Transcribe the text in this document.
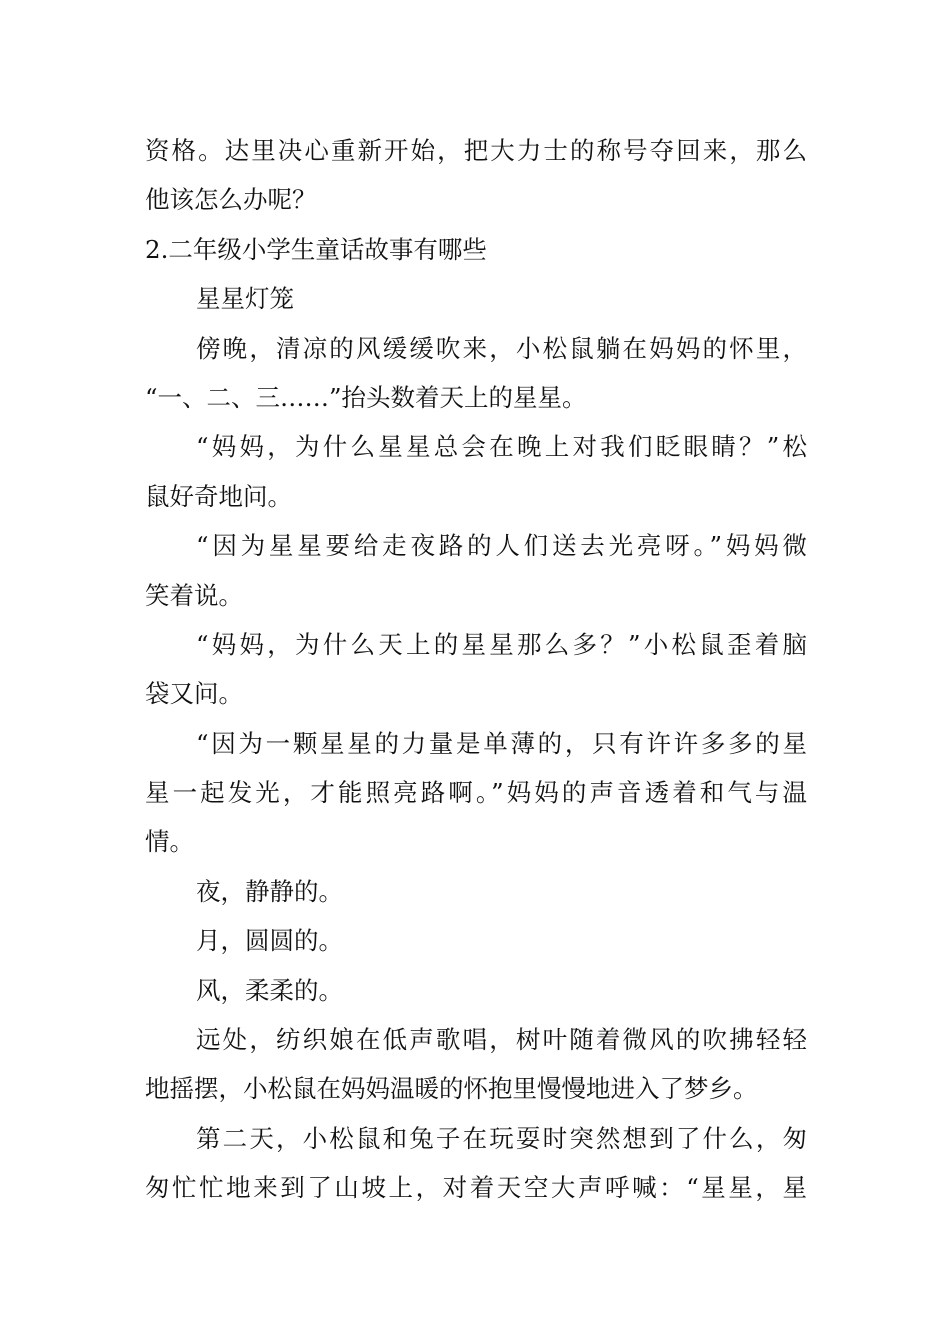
资格。达里决心重新开始，把大力士的称号夺回来，那么
他该怎么办呢？
2.二年级小学生童话故事有哪些
星星灯笼
傍晚，清凉的风缓缓吹来，小松鼠躺在妈妈的怀里，
“一、二、三……”抬头数着天上的星星。
“妈妈，为什么星星总会在晚上对我们眨眼睛？”松
鼠好奇地问。
“因为星星要给走夜路的人们送去光亮呀。”妈妈微
笑着说。
“妈妈，为什么天上的星星那么多？”小松鼠歪着脑
袋又问。
“因为一颗星星的力量是单薄的，只有许许多多的星
星一起发光，才能照亮路啊。”妈妈的声音透着和气与温
情。
夜，静静的。
月，圆圆的。
风，柔柔的。
远处，纺织娘在低声歌唱，树叶随着微风的吹拂轻轻
地摇摆，小松鼠在妈妈温暖的怀抱里慢慢地进入了梦乡。
第二天，小松鼠和兔子在玩耍时突然想到了什么，匆
匆忙忙地来到了山坡上，对着天空大声呼喊：“星星，星
